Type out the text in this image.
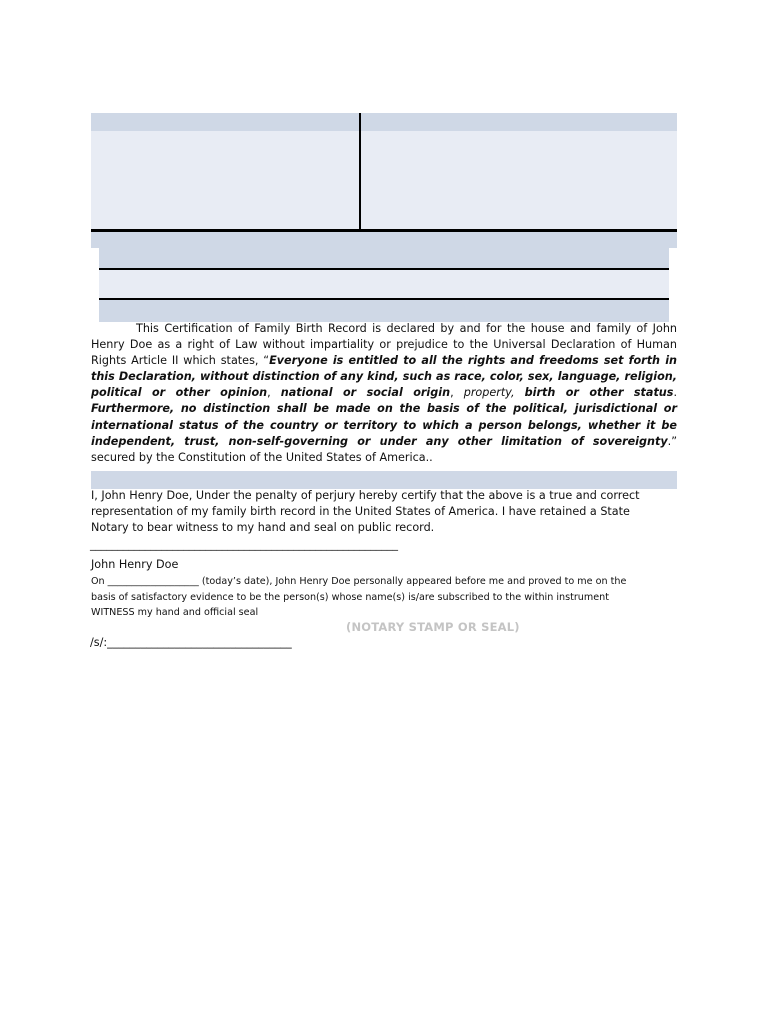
This Certification of Family Birth Record is declared by and for the house and family of John Henry Doe as a right of Law without impartiality or prejudice to the Universal Declaration of Human Rights Article II which states, “Everyone is entitled to all the rights and freedoms set forth in this Declaration, without distinction of any kind, such as race, color, sex, language, religion, political or other opinion, national or social origin, property, birth or other status. Furthermore, no distinction shall be made on the basis of the political, jurisdictional or international status of the country or territory to which a person belongs, whether it be independent, trust, non-self-governing or under any other limitation of sovereignty.” secured by the Constitution of the United States of America..
I, John Henry Doe, Under the penalty of perjury hereby certify that the above is a true and correct representation of my family birth record in the United States of America. I have retained a State Notary to bear witness to my hand and seal on public record.
________________________________________________________
John Henry Doe
On ___________________ (today’s date), John Henry Doe personally appeared before me and proved to me on the
basis of satisfactory evidence to be the person(s) whose name(s) is/are subscribed to the within instrument
WITNESS my hand and official seal
(NOTARY STAMP OR SEAL)
/s/:_________________________________
